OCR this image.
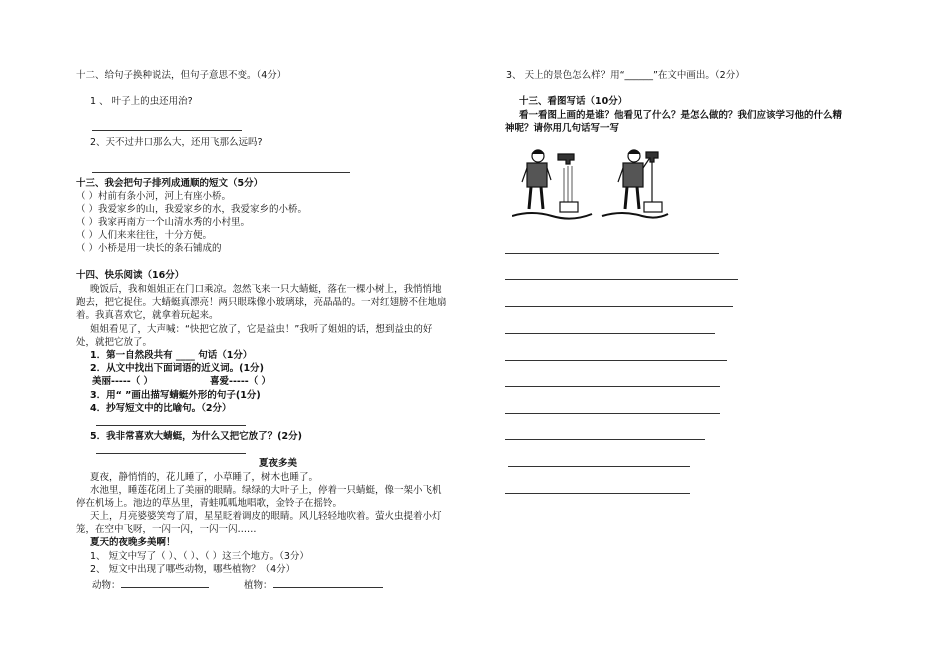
十二、给句子换种说法，但句子意思不变。（4分）
1 、 叶子上的虫还用治?
2、天不过井口那么大，还用飞那么远吗?
十三、我会把句子排列成通顺的短文（5分）
（ ）村前有条小河，河上有座小桥。
（ ）我爱家乡的山，我爱家乡的水，我爱家乡的小桥。
（ ）我家再南方一个山清水秀的小村里。
（ ）人们来来往往，十分方便。
（ ）小桥是用一块长的条石铺成的
十四、快乐阅读（16分）
晚饭后，我和姐姐正在门口乘凉。忽然飞来一只大蜻蜓，落在一棵小树上，我悄悄地
跑去，把它捉住。大蜻蜓真漂亮！两只眼珠像小玻璃球，亮晶晶的。一对红翅膀不住地扇
着。我真喜欢它，就拿着玩起来。
姐姐看见了，大声喊：“快把它放了，它是益虫！”我听了姐姐的话，想到益虫的好
处，就把它放了。
1．第一自然段共有 ____ 句话（1分）
2．从文中找出下面词语的近义词。(1分)
美丽-----（ ）	喜爱-----（ ）
3．用“ ”画出描写蜻蜓外形的句子(1分)
4．抄写短文中的比喻句。（2分）
5．我非常喜欢大蜻蜓，为什么又把它放了？(2分)
夏夜多美
夏夜，静悄悄的，花儿睡了，小草睡了，树木也睡了。
水池里，睡莲花闭上了美丽的眼睛。绿绿的大叶子上，停着一只蜻蜓，像一架小飞机
停在机场上。池边的草丛里，青蛙呱呱地唱歌，金铃子在摇铃。
天上，月亮婆婆笑弯了眉，星星眨着调皮的眼睛。风儿轻轻地吹着。萤火虫提着小灯
笼，在空中飞呀，一闪一闪，一闪一闪……
夏天的夜晚多美啊！
1、 短文中写了（ ）、（ ）、（ ）这三个地方。（3分）
2、 短文中出现了哪些动物，哪些植物？（4分）
动物：	植物：
3、 天上的景色怎么样？用“______”在文中画出。（2分）
十三、看图写话（10分）
看一看图上画的是谁？他看见了什么？是怎么做的？我们应该学习他的什么精
神呢？请你用几句话写一写
